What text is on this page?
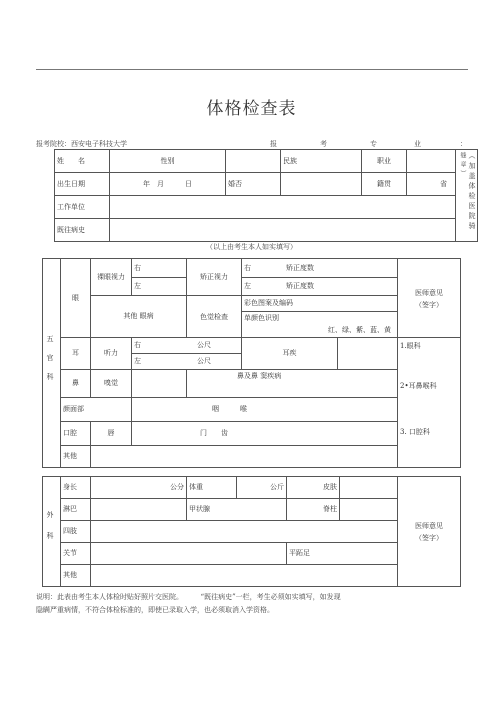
体格检查表
报考院校：西安电子科技大学	报	考	专	业	：
姓　　名	性别		民族	职业		（加盖体检医院骑
缝章）

出生日期	年　月　　　日	婚否		籍贯	省	
工作单位						
既往病史						
（以上由考生本人如实填写）
五官科	眼	裸眼视力	右	矫正视力	右　　　　　矫正度数		医师意见
（签字）

			左		左　　　　　矫正度数		
		其他 眼病		色觉检查	彩色图案及编码		

					单颜色识别
红、绿、紫、蓝、黄		

	耳	听力	右　　　　　　　　公尺		耳疾		1.眼科
2•耳鼻喉科
3. 口腔科

			左　　　　　　　　公尺				
	鼻	嗅觉		鼻及鼻 窦疾病			
	颜面部		咽　　　喉				
	口腔	唇	门　　齿				
	其他						
外科	身长	公分	体重	公斤	皮肤		医师意见
（签字）

	淋巴		甲状腺		脊柱		
	四肢						
	关节				平跖足		
	其他						
说明：此表由考生本人体检时贴好照片交医院。　　　“既往病史”一栏，考生必须如实填写，如发现
隐瞒严重病情，不符合体检标准的，即使已录取入学，也必须取消入学资格。
